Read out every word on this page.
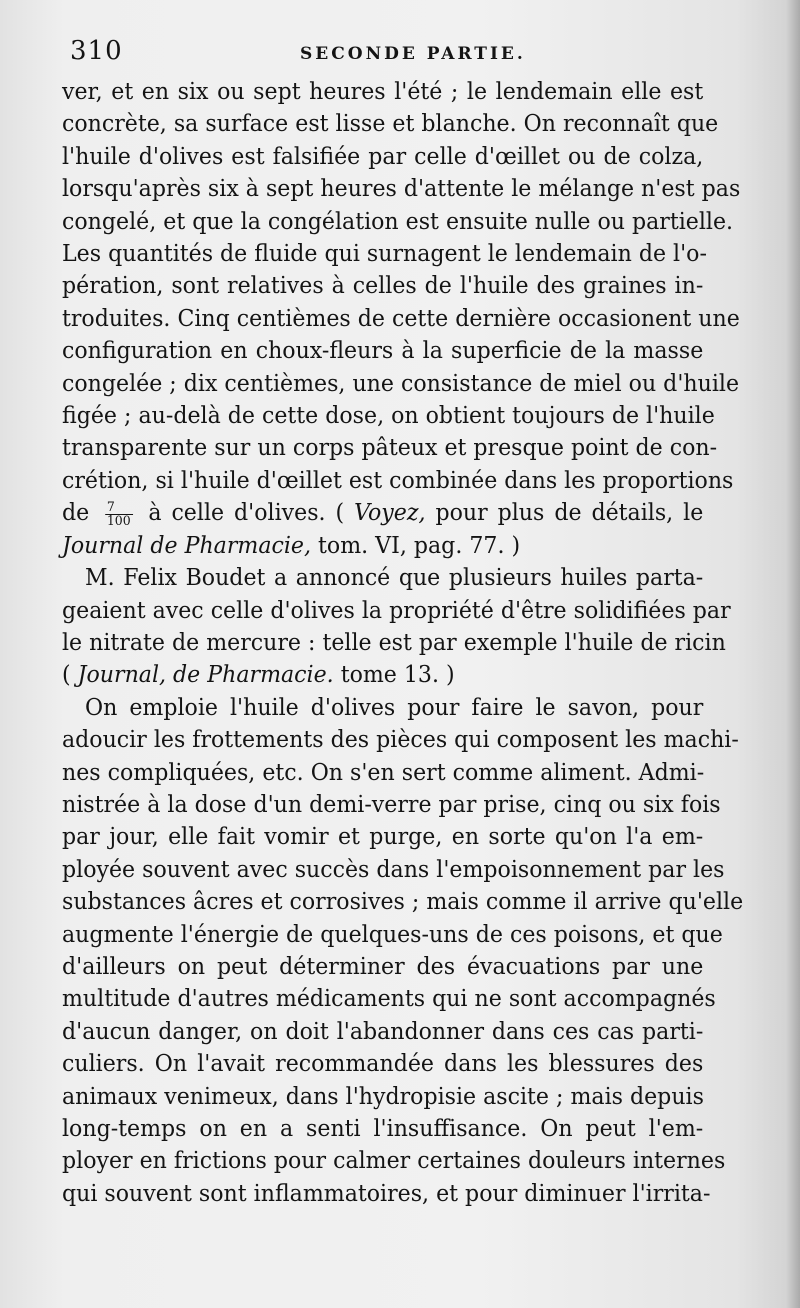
310	SECONDE PARTIE.
ver, et en six ou sept heures l'été ; le lendemain elle est
concrète, sa surface est lisse et blanche. On reconnaît que
l'huile d'olives est falsifiée par celle d'œillet ou de colza,
lorsqu'après six à sept heures d'attente le mélange n'est pas
congelé, et que la congélation est ensuite nulle ou partielle.
Les quantités de fluide qui surnagent le lendemain de l'o-
pération, sont relatives à celles de l'huile des graines in-
troduites. Cinq centièmes de cette dernière occasionent une
configuration en choux-fleurs à la superficie de la masse
congelée ; dix centièmes, une consistance de miel ou d'huile
figée ; au-delà de cette dose, on obtient toujours de l'huile
transparente sur un corps pâteux et presque point de con-
crétion, si l'huile d'œillet est combinée dans les proportions
de $\frac{7}{100}$ à celle d'olives. ( Voyez, pour plus de détails, le
Journal de Pharmacie, tom. VI, pag. 77. )
M. Felix Boudet a annoncé que plusieurs huiles parta-
geaient avec celle d'olives la propriété d'être solidifiées par
le nitrate de mercure : telle est par exemple l'huile de ricin
( Journal, de Pharmacie. tome 13. )
On emploie l'huile d'olives pour faire le savon, pour
adoucir les frottements des pièces qui composent les machi-
nes compliquées, etc. On s'en sert comme aliment. Admi-
nistrée à la dose d'un demi-verre par prise, cinq ou six fois
par jour, elle fait vomir et purge, en sorte qu'on l'a em-
ployée souvent avec succès dans l'empoisonnement par les
substances âcres et corrosives ; mais comme il arrive qu'elle
augmente l'énergie de quelques-uns de ces poisons, et que
d'ailleurs on peut déterminer des évacuations par une
multitude d'autres médicaments qui ne sont accompagnés
d'aucun danger, on doit l'abandonner dans ces cas parti-
culiers. On l'avait recommandée dans les blessures des
animaux venimeux, dans l'hydropisie ascite ; mais depuis
long-temps on en a senti l'insuffisance. On peut l'em-
ployer en frictions pour calmer certaines douleurs internes
qui souvent sont inflammatoires, et pour diminuer l'irrita-
